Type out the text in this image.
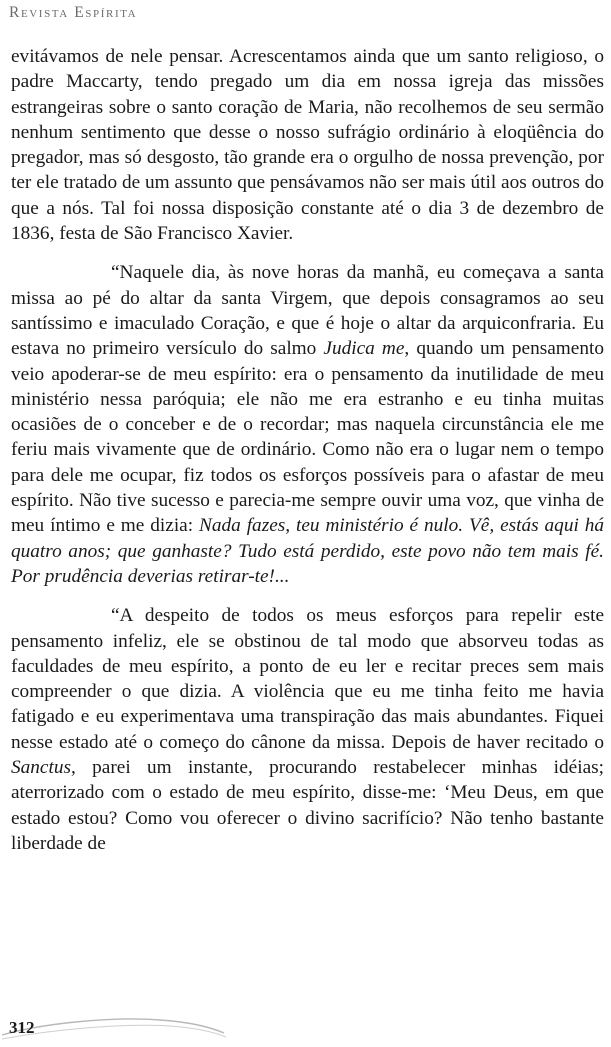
Revista Espírita

evitávamos de nele pensar. Acrescentamos ainda que um santo religioso, o padre Maccarty, tendo pregado um dia em nossa igreja das missões estrangeiras sobre o santo coração de Maria, não recolhemos de seu sermão nenhum sentimento que desse o nosso sufrágio ordinário à eloqüência do pregador, mas só desgosto, tão grande era o orgulho de nossa prevenção, por ter ele tratado de um assunto que pensávamos não ser mais útil aos outros do que a nós. Tal foi nossa disposição constante até o dia 3 de dezembro de 1836, festa de São Francisco Xavier.

“Naquele dia, às nove horas da manhã, eu começava a santa missa ao pé do altar da santa Virgem, que depois consagramos ao seu santíssimo e imaculado Coração, e que é hoje o altar da arquiconfraria. Eu estava no primeiro versículo do salmo Judica me, quando um pensamento veio apoderar-se de meu espírito: era o pensamento da inutilidade de meu ministério nessa paróquia; ele não me era estranho e eu tinha muitas ocasiões de o conceber e de o recordar; mas naquela circunstância ele me feriu mais vivamente que de ordinário. Como não era o lugar nem o tempo para dele me ocupar, fiz todos os esforços possíveis para o afastar de meu espírito. Não tive sucesso e parecia-me sempre ouvir uma voz, que vinha de meu íntimo e me dizia: Nada fazes, teu ministério é nulo. Vê, estás aqui há quatro anos; que ganhaste? Tudo está perdido, este povo não tem mais fé. Por prudência deverias retirar-te!...

“A despeito de todos os meus esforços para repelir este pensamento infeliz, ele se obstinou de tal modo que absorveu todas as faculdades de meu espírito, a ponto de eu ler e recitar preces sem mais compreender o que dizia. A violência que eu me tinha feito me havia fatigado e eu experimentava uma transpiração das mais abundantes. Fiquei nesse estado até o começo do cânone da missa. Depois de haver recitado o Sanctus, parei um instante, procurando restabelecer minhas idéias; aterrorizado com o estado de meu espírito, disse-me: ‘Meu Deus, em que estado estou? Como vou oferecer o divino sacrifício? Não tenho bastante liberdade de

312
